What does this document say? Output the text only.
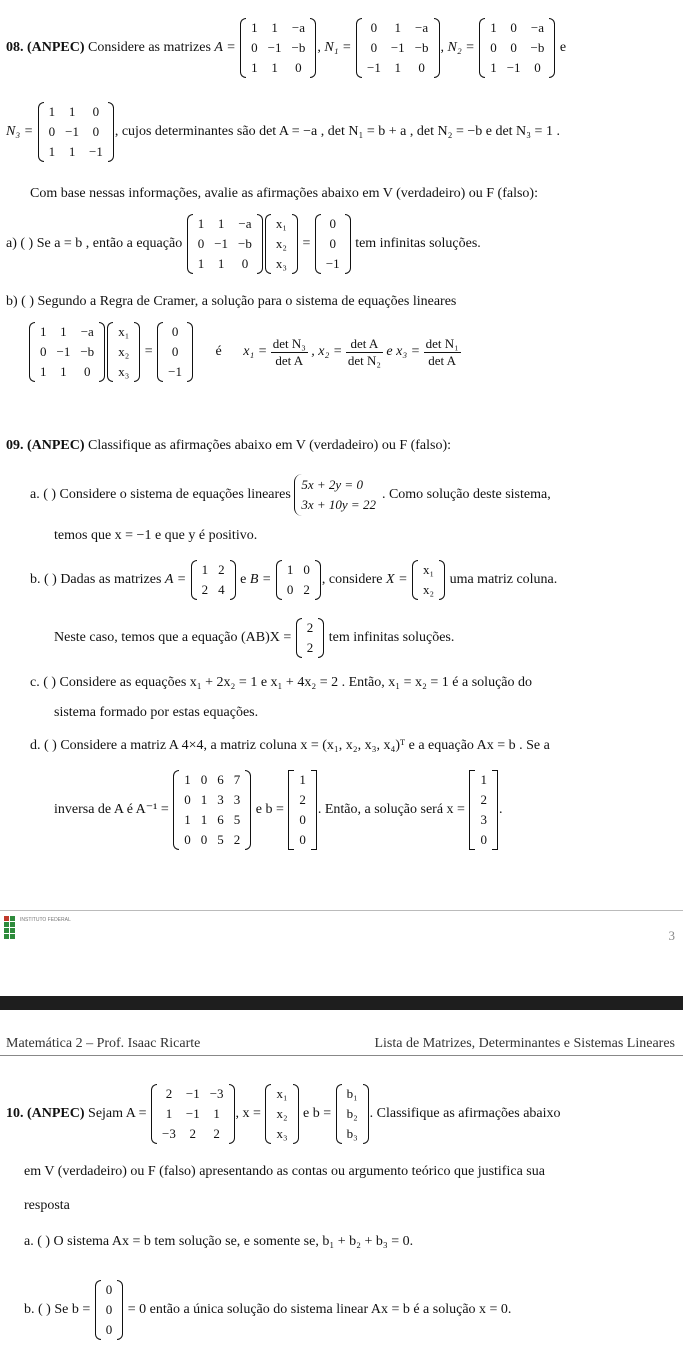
08. (ANPEC) Considere as matrizes A =
1	1	−a
0	−1	−b
1	1	0
, N₁ =
0	1	−a
0	−1	−b
−1	1	0
, N₂ =
1	0	−a
0	0	−b
1	−1	0
e
N₃ =
1	1	0
0	−1	0
1	1	−1
, cujos determinantes são det A = −a , det N₁ = b + a , det N₂ = −b e det N₃ = 1 .
Com base nessas informações, avalie as afirmações abaixo em V (verdadeiro) ou F (falso):
a) ( ) Se a = b , então a equação
1	1	−a
0	−1	−b
1	1	0
x₁
x₂
x₃
=
0
0
−1
tem infinitas soluções.
b) ( ) Segundo a Regra de Cramer, a solução para o sistema de equações lineares
1	1	−a
0	−1	−b
1	1	0
x₁
x₂
x₃
=
0
0
−1
é $x_1 = \frac{\text{det N₃}}{\text{det A}}$ , $x_2 = \frac{\text{det A}}{\text{det N₂}}$ e $x_3 = \frac{\text{det N₁}}{\text{det A}}$
09. (ANPEC) Classifique as afirmações abaixo em V (verdadeiro) ou F (falso):
a. ( ) Considere o sistema de equações lineares
5x + 2y = 0
3x + 10y = 22
. Como solução deste sistema,
temos que x = −1 e que y é positivo.
b. ( ) Dadas as matrizes A =
1	2
2	4
e B =
1	0
0	2
, considere X =
x₁
x₂
uma matriz coluna.
Neste caso, temos que a equação (AB)X =
2
2
tem infinitas soluções.
c. ( ) Considere as equações x₁ + 2x₂ = 1 e x₁ + 4x₂ = 2 . Então, x₁ = x₂ = 1 é a solução do
sistema formado por estas equações.
d. ( ) Considere a matriz A 4×4, a matriz coluna x = (x₁, x₂, x₃, x₄)ᵀ e a equação Ax = b . Se a
inversa de A é A⁻¹ =
1	0	6	7
0	1	3	3
1	1	6	5
0	0	5	2
e b =
1
2
0
0
. Então, a solução será x =
1
2
3
0
.
INSTITUTO FEDERAL
3
Matemática 2 – Prof. Isaac Ricarte	Lista de Matrizes, Determinantes e Sistemas Lineares
10. (ANPEC) Sejam A =
2	−1	−3
1	−1	1
−3	2	2
, x =
x₁
x₂
x₃
e b =
b₁
b₂
b₃
. Classifique as afirmações abaixo
em V (verdadeiro) ou F (falso) apresentando as contas ou argumento teórico que justifica sua
resposta
a. ( ) O sistema Ax = b tem solução se, e somente se, b₁ + b₂ + b₃ = 0.
b. ( ) Se b =
0
0
0
= 0 então a única solução do sistema linear Ax = b é a solução x = 0.
